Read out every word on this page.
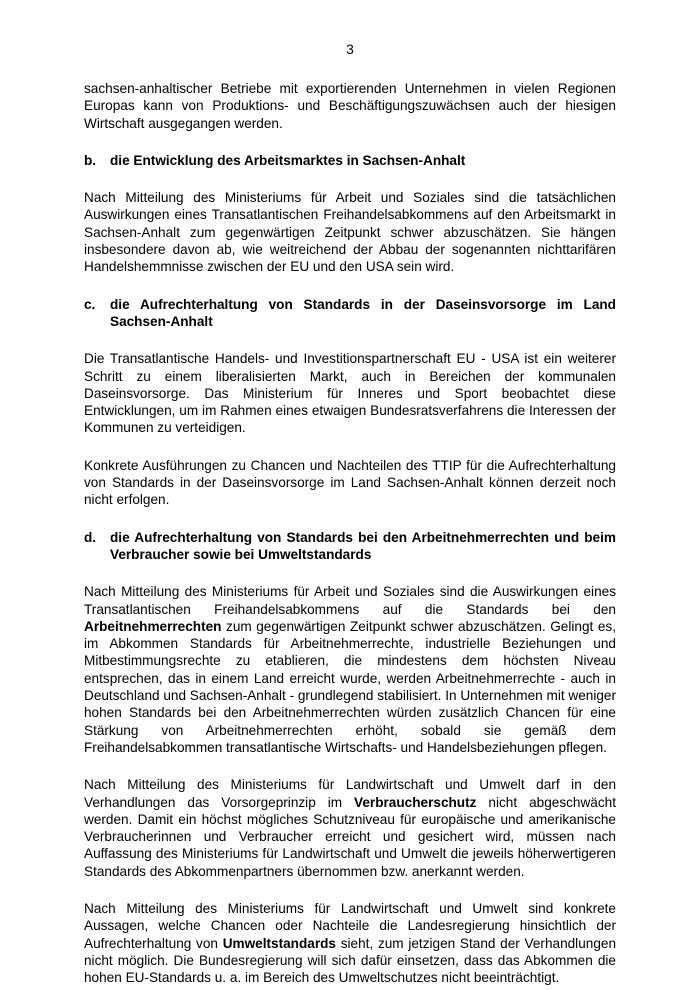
3

sachsen-anhaltischer Betriebe mit exportierenden Unternehmen in vielen Regionen Europas kann von Produktions- und Beschäftigungszuwächsen auch der hiesigen Wirtschaft ausgegangen werden.

b.	die Entwicklung des Arbeitsmarktes in Sachsen-Anhalt

Nach Mitteilung des Ministeriums für Arbeit und Soziales sind die tatsächlichen Auswirkungen eines Transatlantischen Freihandelsabkommens auf den Arbeitsmarkt in Sachsen-Anhalt zum gegenwärtigen Zeitpunkt schwer abzuschätzen. Sie hängen insbesondere davon ab, wie weitreichend der Abbau der sogenannten nichttarifären Handelshemmnisse zwischen der EU und den USA sein wird.

c.	die Aufrechterhaltung von Standards in der Daseinsvorsorge im Land Sachsen-Anhalt

Die Transatlantische Handels- und Investitionspartnerschaft EU - USA ist ein weiterer Schritt zu einem liberalisierten Markt, auch in Bereichen der kommunalen Daseinsvorsorge. Das Ministerium für Inneres und Sport beobachtet diese Entwicklungen, um im Rahmen eines etwaigen Bundesratsverfahrens die Interessen der Kommunen zu verteidigen.

Konkrete Ausführungen zu Chancen und Nachteilen des TTIP für die Aufrechterhaltung von Standards in der Daseinsvorsorge im Land Sachsen-Anhalt können derzeit noch nicht erfolgen.

d.	die Aufrechterhaltung von Standards bei den Arbeitnehmerrechten und beim Verbraucher sowie bei Umweltstandards

Nach Mitteilung des Ministeriums für Arbeit und Soziales sind die Auswirkungen eines Transatlantischen Freihandelsabkommens auf die Standards bei den Arbeitnehmerrechten zum gegenwärtigen Zeitpunkt schwer abzuschätzen. Gelingt es, im Abkommen Standards für Arbeitnehmerrechte, industrielle Beziehungen und Mitbestimmungsrechte zu etablieren, die mindestens dem höchsten Niveau entsprechen, das in einem Land erreicht wurde, werden Arbeitnehmerrechte - auch in Deutschland und Sachsen-Anhalt - grundlegend stabilisiert. In Unternehmen mit weniger hohen Standards bei den Arbeitnehmerrechten würden zusätzlich Chancen für eine Stärkung von Arbeitnehmerrechten erhöht, sobald sie gemäß dem Freihandelsabkommen transatlantische Wirtschafts- und Handelsbeziehungen pflegen.

Nach Mitteilung des Ministeriums für Landwirtschaft und Umwelt darf in den Verhandlungen das Vorsorgeprinzip im Verbraucherschutz nicht abgeschwächt werden. Damit ein höchst mögliches Schutzniveau für europäische und amerikanische Verbraucherinnen und Verbraucher erreicht und gesichert wird, müssen nach Auffassung des Ministeriums für Landwirtschaft und Umwelt die jeweils höherwertigeren Standards des Abkommenpartners übernommen bzw. anerkannt werden.

Nach Mitteilung des Ministeriums für Landwirtschaft und Umwelt sind konkrete Aussagen, welche Chancen oder Nachteile die Landesregierung hinsichtlich der Aufrechterhaltung von Umweltstandards sieht, zum jetzigen Stand der Verhandlungen nicht möglich. Die Bundesregierung will sich dafür einsetzen, dass das Abkommen die hohen EU-Standards u. a. im Bereich des Umweltschutzes nicht beeinträchtigt.
